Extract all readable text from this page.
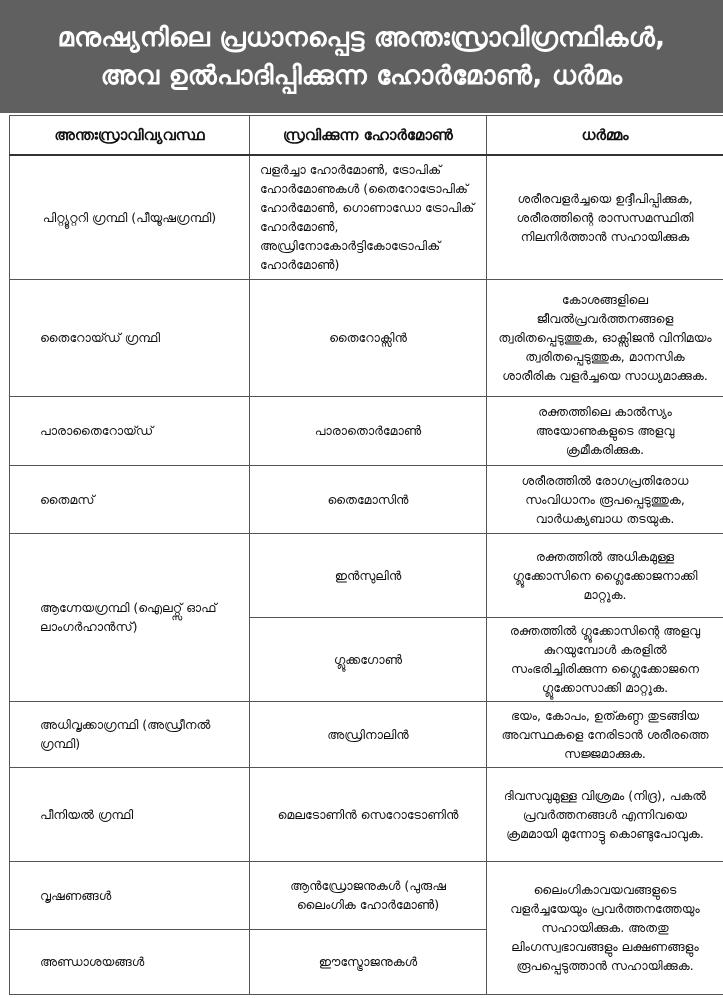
മനുഷ്യനിലെ പ്രധാനപ്പെട്ട അന്തഃസ്രാവിഗ്രന്ഥികൾ,
അവ ഉൽപാദിപ്പിക്കുന്ന ഹോർമോൺ, ധർമം
അന്തഃസ്രാവിവ്യവസ്ഥ	സ്രവിക്കുന്ന ഹോർമോൺ	ധർമ്മം
പിറ്റ്യൂറ്ററി ഗ്രന്ഥി (പീയൂഷഗ്രന്ഥി)	വളർച്ചാ ഹോർമോൺ, ട്രോപിക് ഹോർമോണുകൾ (തൈറോട്രോപിക് ഹോർമോൺ, ഗൊണാഡോ ട്രോപിക് ഹോർമോൺ, അഡ്രിനോകോർട്ടികോട്രോപിക് ഹോർമോൺ)	ശരീരവളർച്ചയെ ഉദ്ദീപിപ്പിക്കുക, ശരീരത്തിന്റെ രാസസമസ്ഥിതി നിലനിർത്താൻ സഹായിക്കുക
തൈറോയ്ഡ് ഗ്രന്ഥി	തൈറോക്സിൻ	കോശങ്ങളിലെ ജീവൽപ്രവർത്തനങ്ങളെ ത്വരിതപ്പെടുത്തുക, ഓക്സിജൻ വിനിമയം ത്വരിതപ്പെടുത്തുക, മാനസിക ശാരീരിക വളർച്ചയെ സാധ്യമാക്കുക.
പാരാതൈറോയ്ഡ്	പാരാതൊർമോൺ	രക്തത്തിലെ കാൽസ്യം അയോണുകളുടെ അളവു ക്രമീകരിക്കുക.
തൈമസ്	തൈമോസിൻ	ശരീരത്തിൽ രോഗപ്രതിരോധ സംവിധാനം രൂപപ്പെടുത്തുക, വാർധക്യബാധ തടയുക.
ആഗ്നേയഗ്രന്ഥി (ഐലറ്റ്സ് ഓഫ് ലാംഗർഹാൻസ്)	ഇൻസുലിൻ	രക്തത്തിൽ അധികമുള്ള ഗ്ലൂക്കോസിനെ ഗ്ലൈക്കോജനാക്കി മാറ്റുക.
	ഗ്ലൂക്കഗോൺ	രക്തത്തിൽ ഗ്ലൂക്കോസിന്റെ അളവു കുറയുമ്പോൾ കരളിൽ സംഭരിച്ചിരിക്കുന്ന ഗ്ലൈക്കോജനെ ഗ്ലൂക്കോസാക്കി മാറ്റുക.
അധിവൃക്കാഗ്രന്ഥി (അഡ്രീനൽ ഗ്രന്ഥി)	അഡ്രിനാലിൻ	ഭയം, കോപം, ഉത്കണ്ഠ തുടങ്ങിയ അവസ്ഥകളെ നേരിടാൻ ശരീരത്തെ സജ്ജമാക്കുക.
പീനിയൽ ഗ്രന്ഥി	മെലടോണിൻ സെറോടോണിൻ	ദിവസവുമുള്ള വിശ്രമം (നിദ്ര), പകൽ പ്രവർത്തനങ്ങൾ എന്നിവയെ ക്രമമായി മുന്നോട്ടു കൊണ്ടുപോവുക.
വൃഷണങ്ങൾ	ആൻഡ്രോജനുകൾ (പുരുഷ ലൈംഗിക ഹോർമോൺ)	ലൈംഗികാവയവങ്ങളുടെ വളർച്ചയേയും പ്രവർത്തനത്തേയും സഹായിക്കുക. അതതു ലിംഗസ്വഭാവങ്ങളും ലക്ഷണങ്ങളും രൂപപ്പെടുത്താൻ സഹായിക്കുക.
അണ്ഡാശയങ്ങൾ	ഈസ്ട്രോജനുകൾ	
